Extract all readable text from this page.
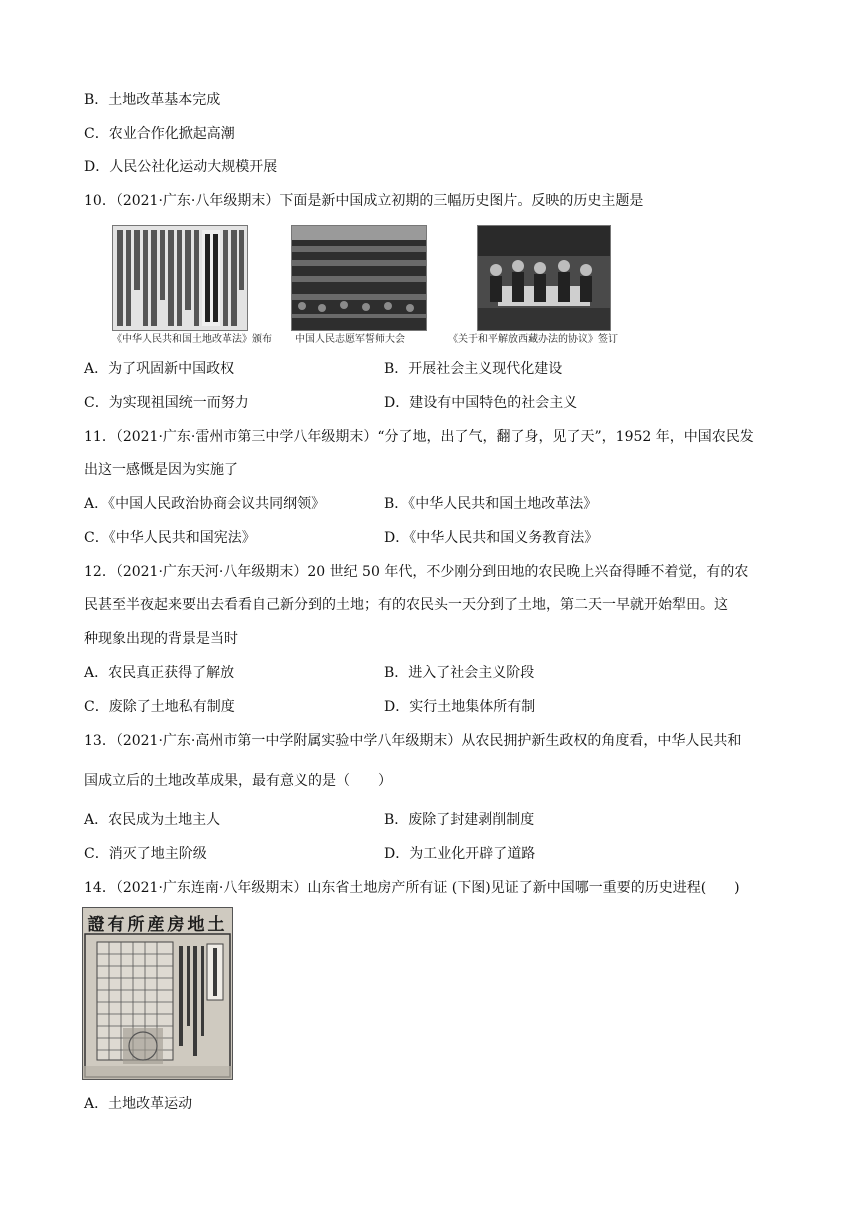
B．土地改革基本完成
C．农业合作化掀起高潮
D．人民公社化运动大规模开展
10．（2021·广东·八年级期末）下面是新中国成立初期的三幅历史图片。反映的历史主题是
《中华人民共和国土地改革法》颁布 中国人民志愿军誓师大会	《关于和平解放西藏办法的协议》签订
A．为了巩固新中国政权	B．开展社会主义现代化建设
C．为实现祖国统一而努力	D．建设有中国特色的社会主义
11．（2021·广东·雷州市第三中学八年级期末）“分了地，出了气，翻了身，见了天”，1952 年，中国农民发
出这一感慨是因为实施了
A．《中国人民政治协商会议共同纲领》	B．《中华人民共和国土地改革法》
C．《中华人民共和国宪法》	D．《中华人民共和国义务教育法》
12．（2021·广东天河·八年级期末）20 世纪 50 年代，不少刚分到田地的农民晚上兴奋得睡不着觉，有的农
民甚至半夜起来要出去看看自己新分到的土地；有的农民头一天分到了土地，第二天一早就开始犁田。这
种现象出现的背景是当时
A．农民真正获得了解放	B．进入了社会主义阶段
C．废除了土地私有制度	D．实行土地集体所有制
13．（2021·广东·高州市第一中学附属实验中学八年级期末）从农民拥护新生政权的角度看，中华人民共和
国成立后的土地改革成果，最有意义的是（　　）
A．农民成为土地主人	B．废除了封建剥削制度
C．消灭了地主阶级	D．为工业化开辟了道路
14．（2021·广东连南·八年级期末）山东省土地房产所有证 (下图)见证了新中国哪一重要的历史进程(　　)
證有所産房地土
A．土地改革运动
